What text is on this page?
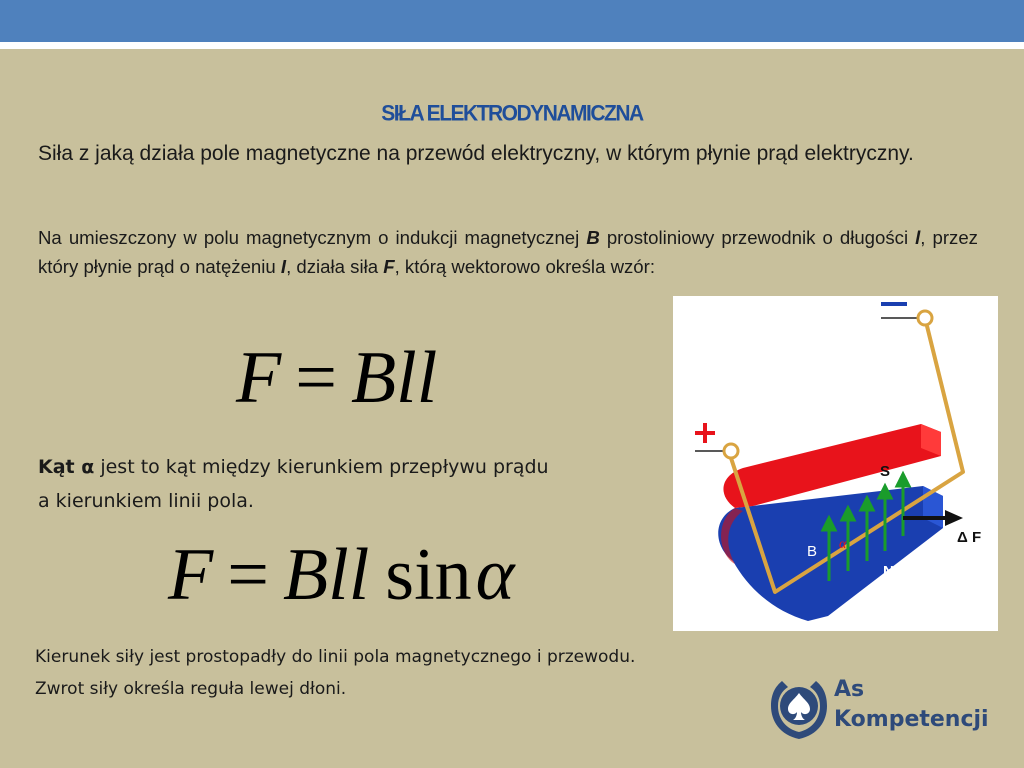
SIŁA ELEKTRODYNAMICZNA

Siła z jaką działa pole magnetyczne na przewód elektryczny, w którym płynie prąd elektryczny.

Na umieszczony w polu magnetycznym o indukcji magnetycznej B prostoliniowy przewodnik o długości l, przez który płynie prąd o natężeniu I, działa siła F, którą wektorowo określa wzór:

F = Bll

Kąt α jest to kąt między kierunkiem przepływu prądu
a kierunkiem linii pola.

F = Bll sinα

Kierunek siły jest prostopadły do linii pola magnetycznego i przewodu.
Zwrot siły określa reguła lewej dłoni.

−
+
S
N
B α	Δ F
As
Kompetencji
